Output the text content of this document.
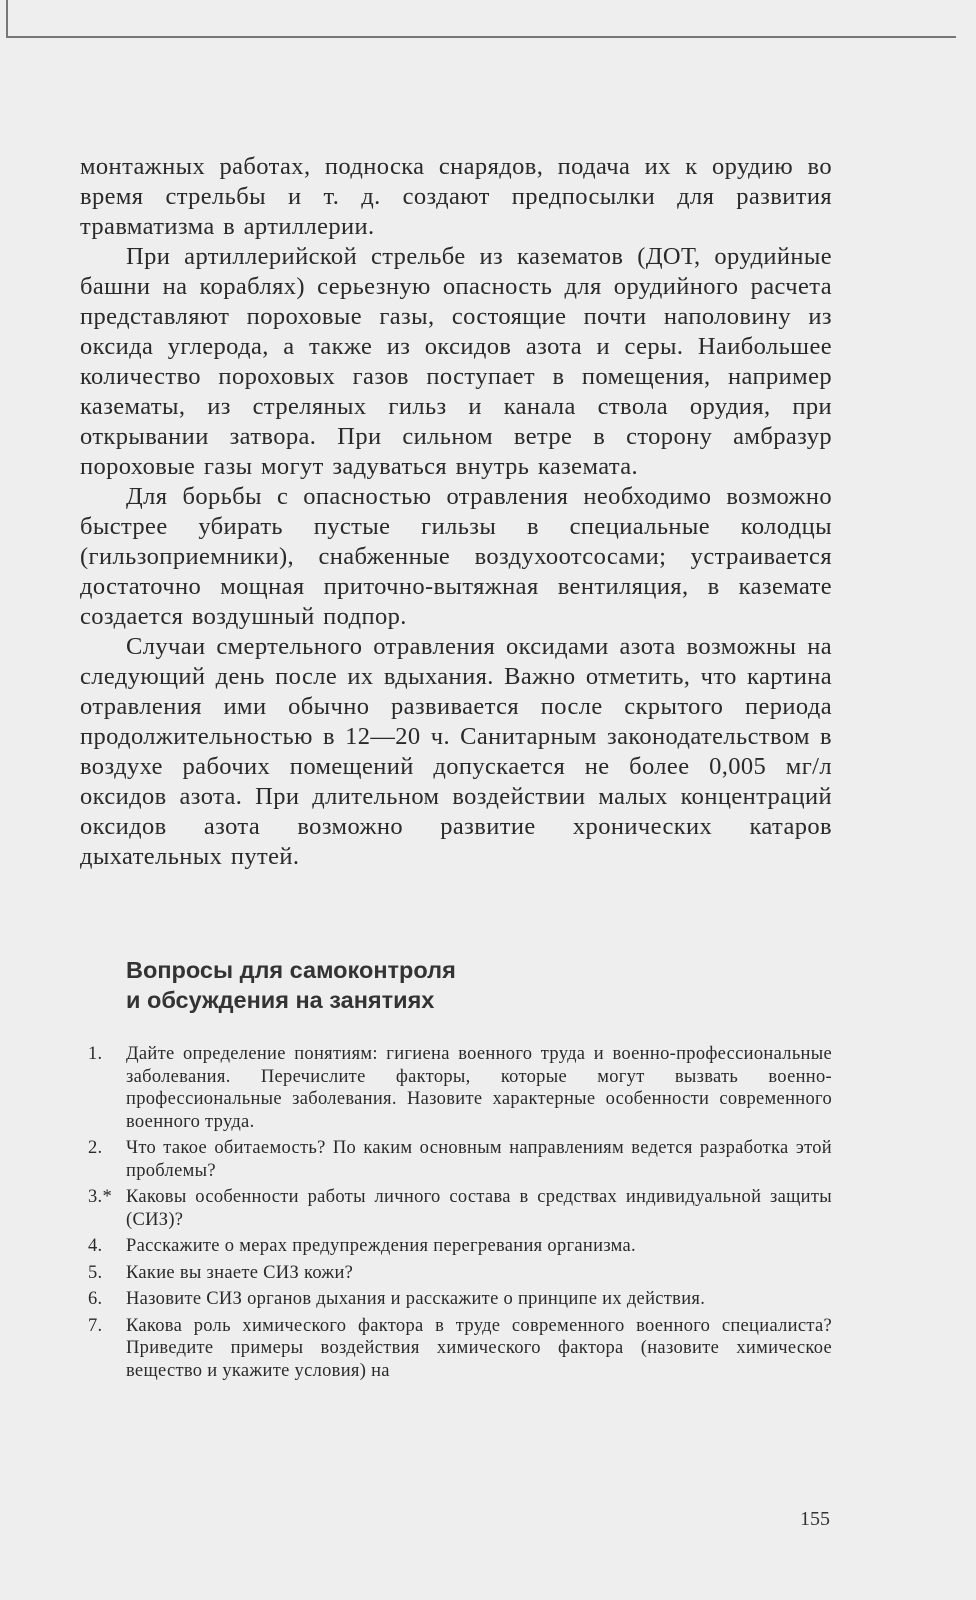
монтажных работах, подноска снарядов, подача их к орудию во время стрельбы и т. д. создают предпосылки для развития травматизма в артиллерии.

При артиллерийской стрельбе из казематов (ДОТ, орудийные башни на кораблях) серьезную опасность для орудийного расчета представляют пороховые газы, состоящие почти наполовину из оксида углерода, а также из оксидов азота и серы. Наибольшее количество пороховых газов поступает в помещения, например казематы, из стреляных гильз и канала ствола орудия, при открывании затвора. При сильном ветре в сторону амбразур пороховые газы могут задуваться внутрь каземата.

Для борьбы с опасностью отравления необходимо возможно быстрее убирать пустые гильзы в специальные колодцы (гильзоприемники), снабженные воздухоотсосами; устраивается достаточно мощная приточно-вытяжная вентиляция, в каземате создается воздушный подпор.

Случаи смертельного отравления оксидами азота возможны на следующий день после их вдыхания. Важно отметить, что картина отравления ими обычно развивается после скрытого периода продолжительностью в 12—20 ч. Санитарным законодательством в воздухе рабочих помещений допускается не более 0,005 мг/л оксидов азота. При длительном воздействии малых концентраций оксидов азота возможно развитие хронических катаров дыхательных путей.

Вопросы для самоконтроля
и обсуждения на занятиях
1.	Дайте определение понятиям: гигиена военного труда и военно-профессиональные заболевания. Перечислите факторы, которые могут вызвать военно-профессиональные заболевания. Назовите характерные особенности современного военного труда.
2.	Что такое обитаемость? По каким основным направлениям ведется разработка этой проблемы?
3.* Каковы особенности работы личного состава в средствах индивидуальной защиты (СИЗ)?
4.	Расскажите о мерах предупреждения перегревания организма.
5.	Какие вы знаете СИЗ кожи?
6.	Назовите СИЗ органов дыхания и расскажите о принципе их действия.
7.	Какова роль химического фактора в труде современного военного специалиста? Приведите примеры воздействия химического фактора (назовите химическое вещество и укажите условия) на
155
